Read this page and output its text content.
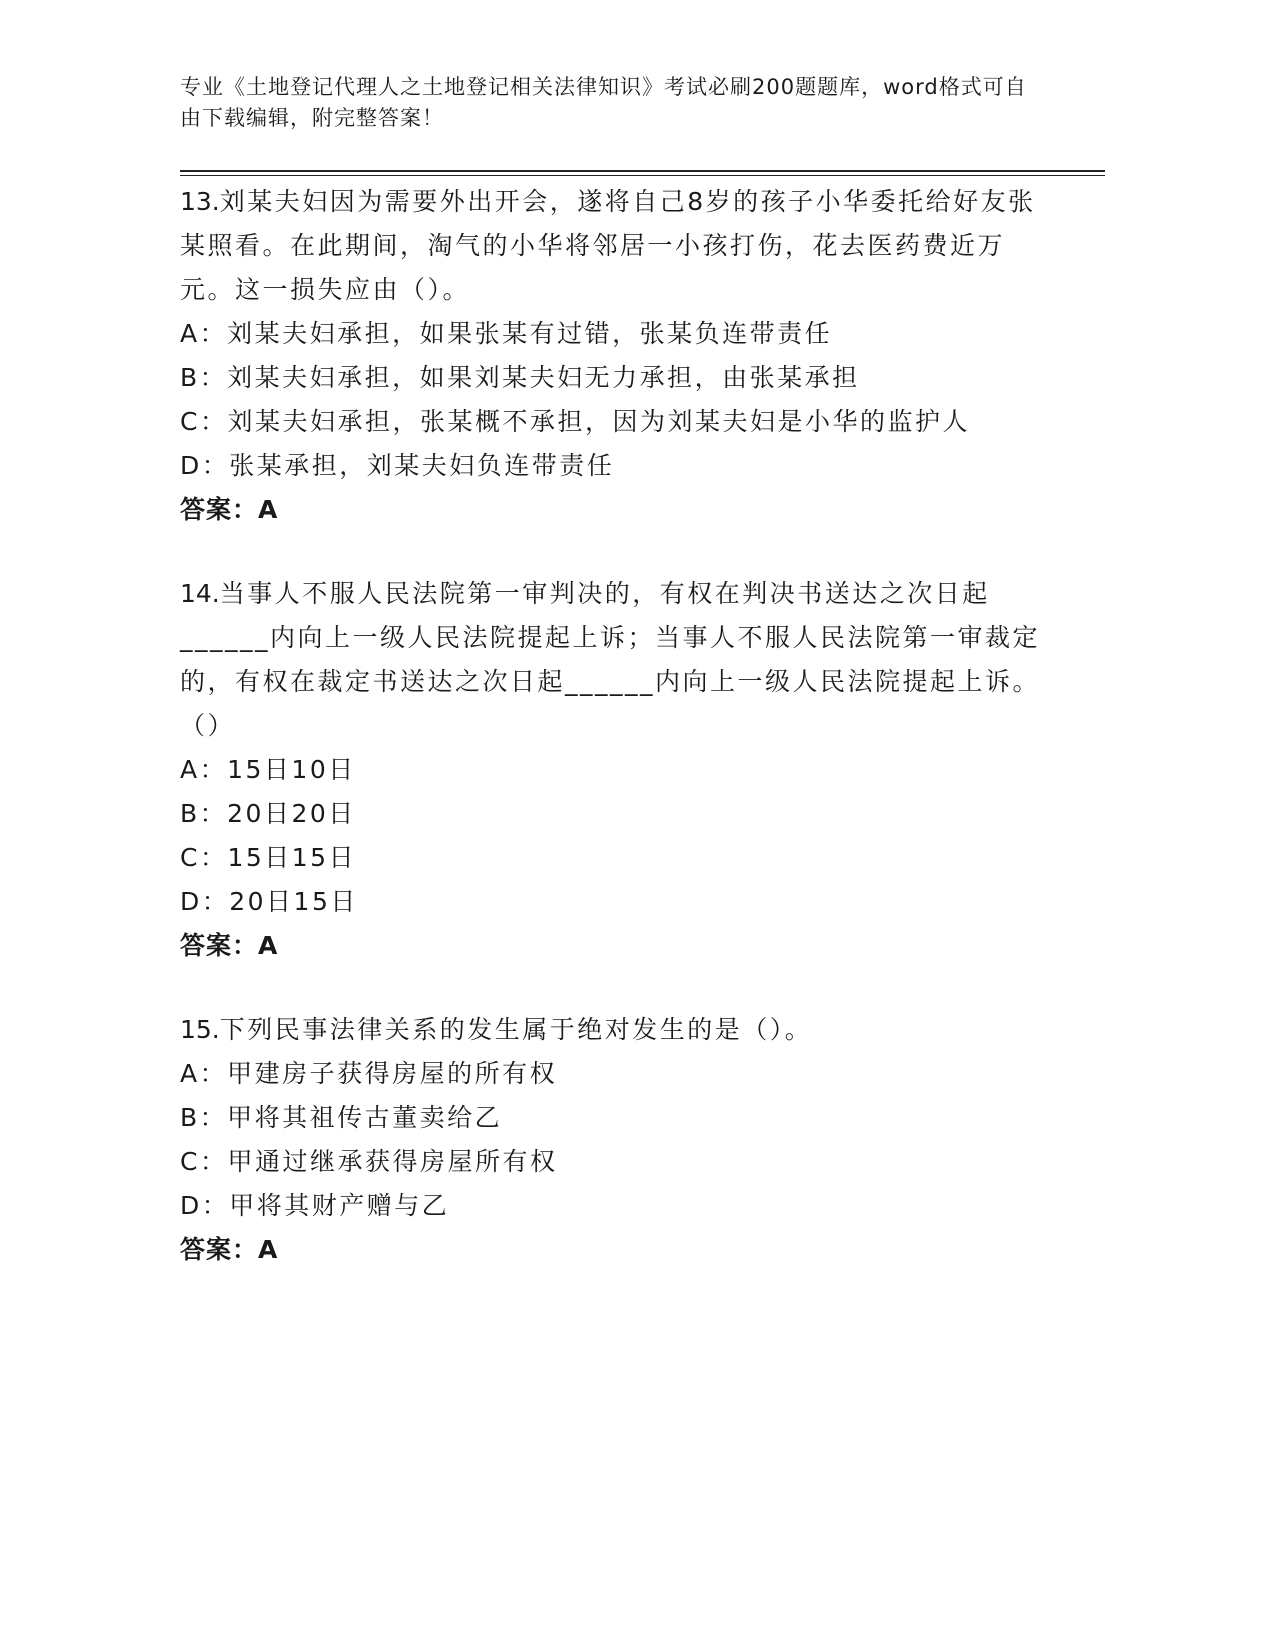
专业《土地登记代理人之土地登记相关法律知识》考试必刷200题题库，word格式可自由下载编辑，附完整答案！

13.刘某夫妇因为需要外出开会，遂将自己8岁的孩子小华委托给好友张某照看。在此期间，淘气的小华将邻居一小孩打伤，花去医药费近万元。这一损失应由（）。

A：刘某夫妇承担，如果张某有过错，张某负连带责任

B：刘某夫妇承担，如果刘某夫妇无力承担，由张某承担

C：刘某夫妇承担，张某概不承担，因为刘某夫妇是小华的监护人

D：张某承担，刘某夫妇负连带责任

答案：A

14.当事人不服人民法院第一审判决的，有权在判决书送达之次日起______内向上一级人民法院提起上诉；当事人不服人民法院第一审裁定的，有权在裁定书送达之次日起______内向上一级人民法院提起上诉。（）

A：15日10日

B：20日20日

C：15日15日

D：20日15日

答案：A

15.下列民事法律关系的发生属于绝对发生的是（）。

A：甲建房子获得房屋的所有权

B：甲将其祖传古董卖给乙

C：甲通过继承获得房屋所有权

D：甲将其财产赠与乙

答案：A
